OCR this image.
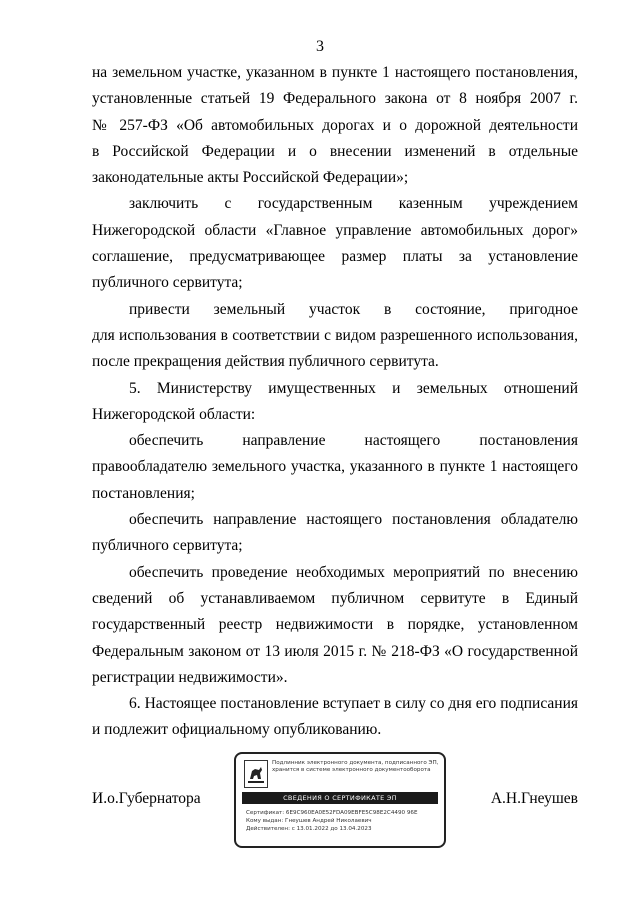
3
на земельном участке, указанном в пункте 1 настоящего постановления,
установленные статьей 19 Федерального закона от 8 ноября 2007 г.
№ 257-ФЗ «Об автомобильных дорогах и о дорожной деятельности
в Российской Федерации и о внесении изменений в отдельные
законодательные акты Российской Федерации»;
заключить с государственным казенным учреждением
Нижегородской области «Главное управление автомобильных дорог»
соглашение, предусматривающее размер платы за установление
публичного сервитута;
привести земельный участок в состояние, пригодное
для использования в соответствии с видом разрешенного использования,
после прекращения действия публичного сервитута.
5. Министерству имущественных и земельных отношений
Нижегородской области:
обеспечить направление настоящего постановления
правообладателю земельного участка, указанного в пункте 1 настоящего
постановления;
обеспечить направление настоящего постановления обладателю
публичного сервитута;
обеспечить проведение необходимых мероприятий по внесению
сведений об устанавливаемом публичном сервитуте в Единый
государственный реестр недвижимости в порядке, установленном
Федеральным законом от 13 июля 2015 г. № 218-ФЗ «О государственной
регистрации недвижимости».
6. Настоящее постановление вступает в силу со дня его подписания
и подлежит официальному опубликованию.
И.о.Губернатора	А.Н.Гнеушев
Подлинник электронного документа, подписанного ЭП, хранится в системе электронного документооборота
СВЕДЕНИЯ О СЕРТИФИКАТЕ ЭП
Сертификат: 6E9C960EA0E52FDA09EBFE5C98E2C4490 96E
Кому выдан: Гнеушев Андрей Николаевич
Действителен: с 13.01.2022 до 13.04.2023
